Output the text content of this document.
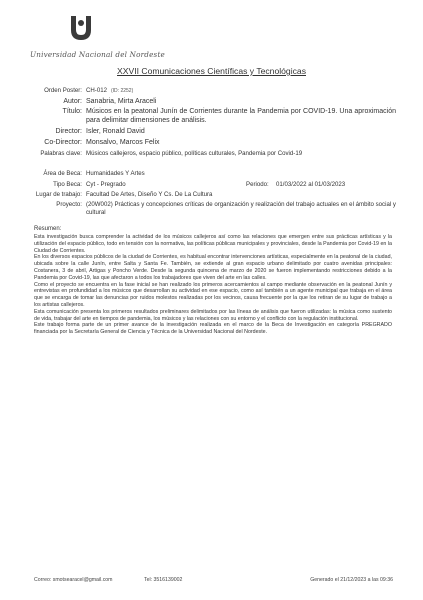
Universidad Nacional del Nordeste
XXVII Comunicaciones Científicas y Tecnológicas
Orden Poster: CH-012 (ID: 2252)
Autor: Sanabria, Mirta Araceli
Título: Músicos en la peatonal Junín de Corrientes durante la Pandemia por COVID-19. Una aproximación para delimitar dimensiones de análisis.
Director: Isler, Ronald David
Co-Director: Monsalvo, Marcos Felix
Palabras clave: Músicos callejeros, espacio público, políticas culturales, Pandemia por Covid-19
Área de Beca: Humanidades Y Artes
Tipo Beca: Cyt - Pregrado	Periodo: 01/03/2022 al 01/03/2023
Lugar de trabajo: Facultad De Artes, Diseño Y Cs. De La Cultura
Proyecto: (20W002) Prácticas y concepciones críticas de organización y realización del trabajo actuales en el ámbito social y cultural
Resumen:

Esta investigación busca comprender la actividad de los músicos callejeros así como las relaciones que emergen entre sus prácticas artísticas y la utilización del espacio público, todo en tensión con la normativa, las políticas públicas municipales y provinciales, desde la Pandemia por Covid-19 en la Ciudad de Corrientes.

En los diversos espacios públicos de la ciudad de Corrientes, es habitual encontrar intervenciones artísticas, especialmente en la peatonal de la ciudad, ubicada sobre la calle Junín, entre Salta y Santa Fe. También, se extiende al gran espacio urbano delimitado por cuatro avenidas principales: Costanera, 3 de abril, Artigas y Poncho Verde. Desde la segunda quincena de marzo de 2020 se fueron implementando restricciones debido a la Pandemia por Covid-19, las que afectaron a todos los trabajadores que viven del arte en las calles.

Como el proyecto se encuentra en la fase inicial se han realizado los primeros acercamientos al campo mediante observación en la peatonal Junín y entrevistas en profundidad a los músicos que desarrollan su actividad en ese espacio, como así también a un agente municipal que trabaja en el área que se encarga de tomar las denuncias por ruidos molestos realizadas por los vecinos, causa frecuente por la que los retiran de su lugar de trabajo a los artistas callejeros.

Esta comunicación presenta los primeros resultados preliminares delimitados por las líneas de análisis que fueron utilizadas: la música como sustento de vida, trabajar del arte en tiempos de pandemia, los músicos y las relaciones con su entorno y el conflicto con la regulación institucional.

Este trabajo forma parte de un primer avance de la investigación realizada en el marco de la Beca de Investigación en categoría PREGRADO financiada por la Secretaría General de Ciencia y Técnica de la Universidad Nacional del Nordeste.

Correo: smotsearacel@gmail.com	Tel: 3516139002	Generado el 21/12/2023 a las 09:36
